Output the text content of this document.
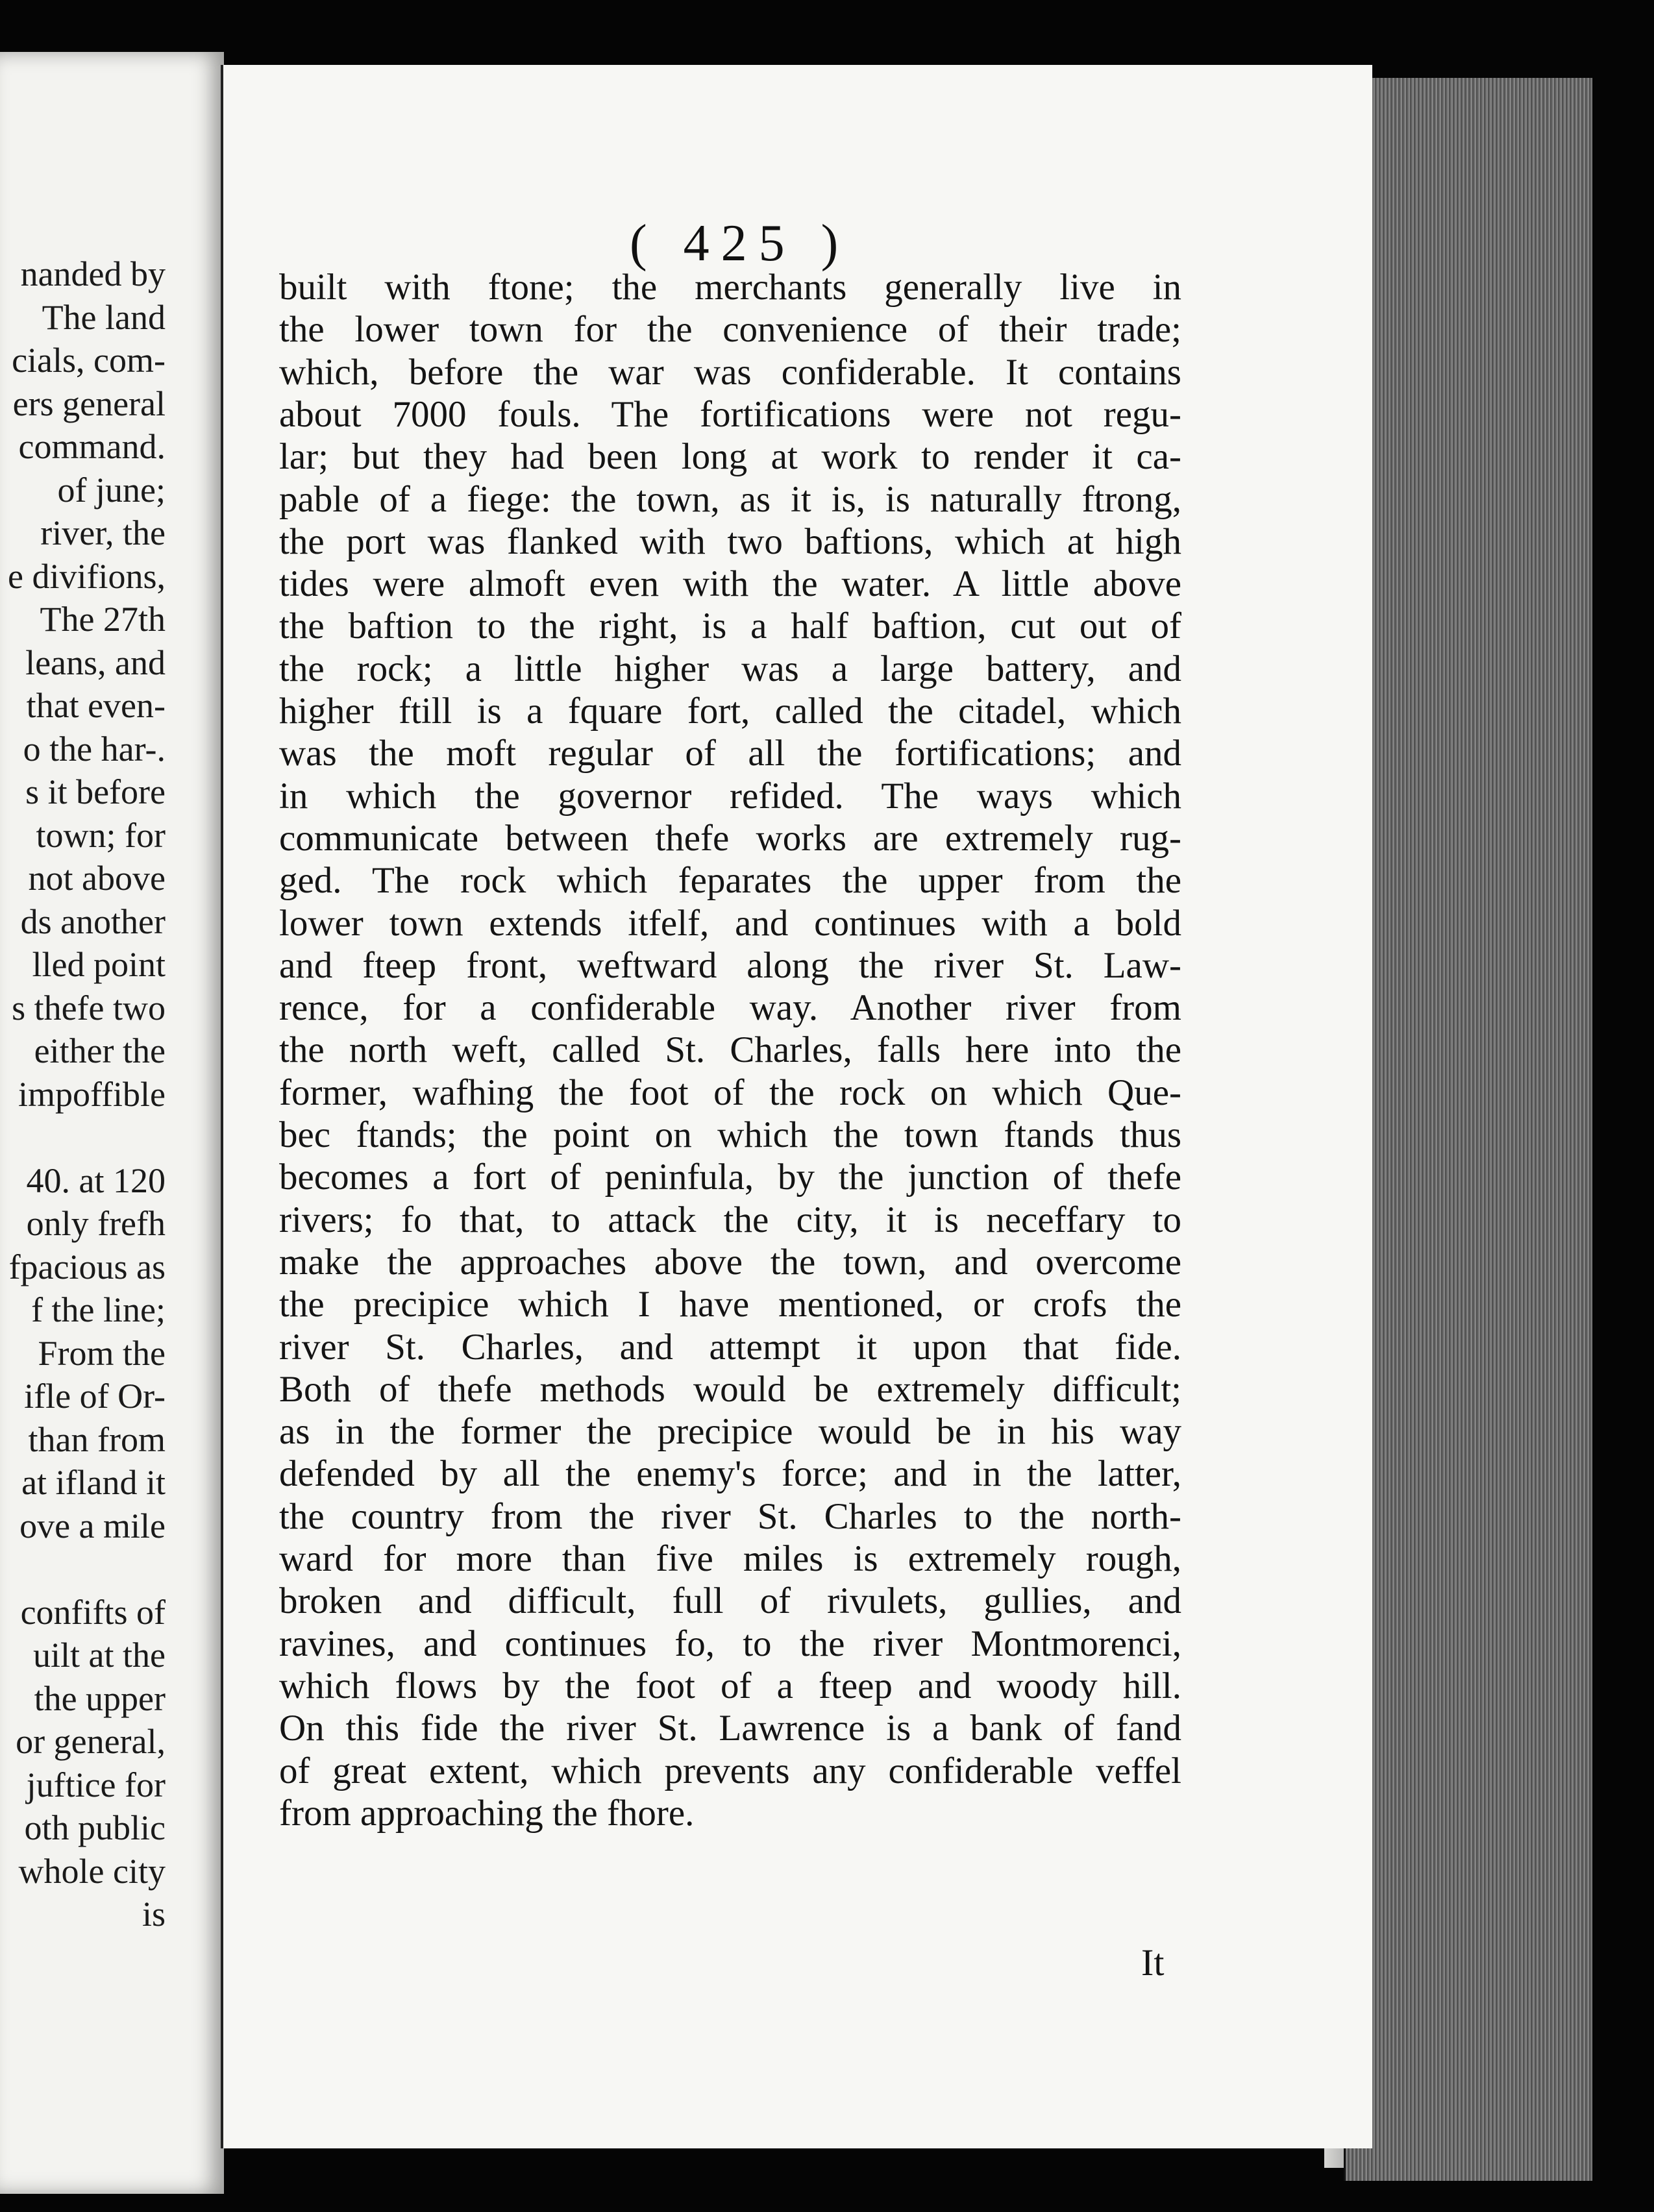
nanded by
The land
cials, com-
ers general
command.
of june;
river, the
e divifions,
The 27th
leans, and
that even-
o the har-.
s it before
town; for
not above
ds another
lled point
s thefe two
either the
impoffible
40. at 120
only frefh
fpacious as
f the line;
From the
ifle of Or-
than from
at ifland it
ove a mile
confifts of
uilt at the
the upper
or general,
juftice for
oth public
whole city
is
( 425 )
built with ftone; the merchants generally live in
the lower town for the convenience of their trade;
which, before the war was confiderable. It contains
about 7000 fouls. The fortifications were not regu-
lar; but they had been long at work to render it ca-
pable of a fiege: the town, as it is, is naturally ftrong,
the port was flanked with two baftions, which at high
tides were almoft even with the water. A little above
the baftion to the right, is a half baftion, cut out of
the rock; a little higher was a large battery, and
higher ftill is a fquare fort, called the citadel, which
was the moft regular of all the fortifications; and
in which the governor refided. The ways which
communicate between thefe works are extremely rug-
ged. The rock which feparates the upper from the
lower town extends itfelf, and continues with a bold
and fteep front, weftward along the river St. Law-
rence, for a confiderable way. Another river from
the north weft, called St. Charles, falls here into the
former, wafhing the foot of the rock on which Que-
bec ftands; the point on which the town ftands thus
becomes a fort of peninfula, by the junction of thefe
rivers; fo that, to attack the city, it is neceffary to
make the approaches above the town, and overcome
the precipice which I have mentioned, or crofs the
river St. Charles, and attempt it upon that fide.
Both of thefe methods would be extremely difficult;
as in the former the precipice would be in his way
defended by all the enemy's force; and in the latter,
the country from the river St. Charles to the north-
ward for more than five miles is extremely rough,
broken and difficult, full of rivulets, gullies, and
ravines, and continues fo, to the river Montmorenci,
which flows by the foot of a fteep and woody hill.
On this fide the river St. Lawrence is a bank of fand
of great extent, which prevents any confiderable veffel
from approaching the fhore.
It
